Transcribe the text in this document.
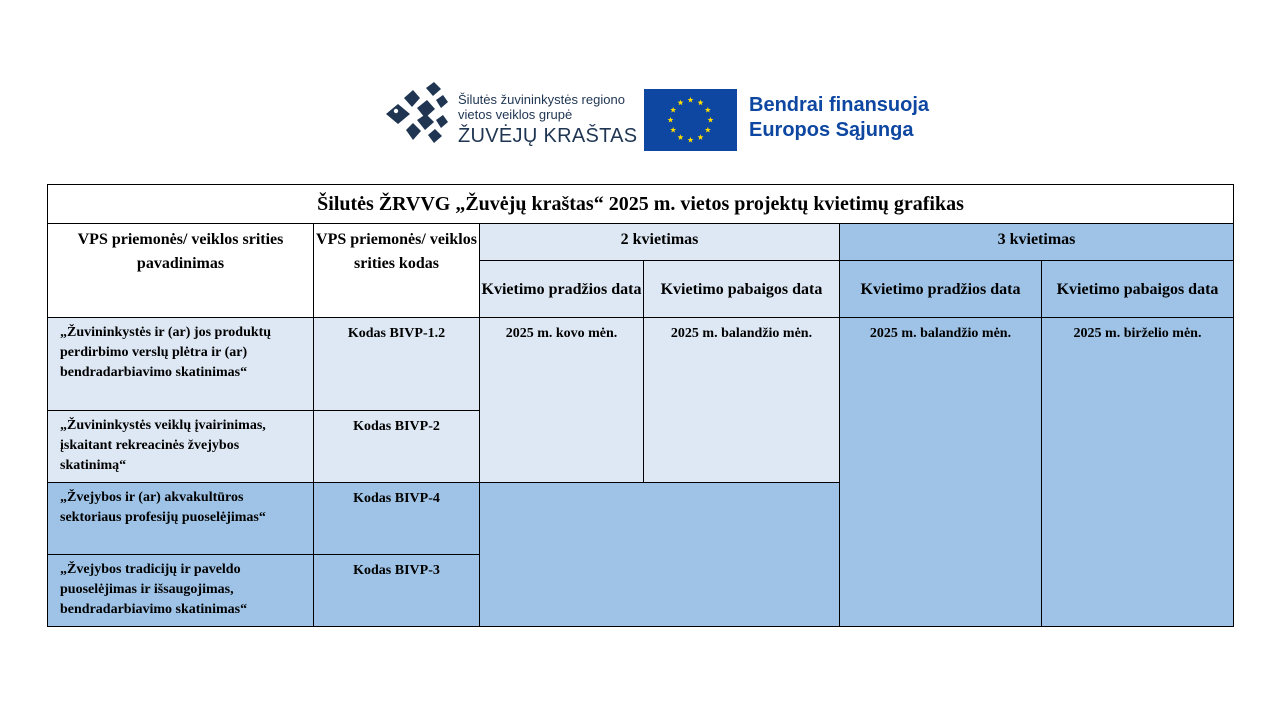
Šilutės žuvininkystės regiono
vietos veiklos grupė
ŽUVĖJŲ KRAŠTAS
Bendrai finansuoja
Europos Sąjunga
Šilutės ŽRVVG „Žuvėjų kraštas“ 2025 m. vietos projektų kvietimų grafikas					
VPS priemonės/ veiklos srities pavadinimas	VPS priemonės/ veiklos srities kodas	2 kvietimas		3 kvietimas	
		Kvietimo pradžios data	Kvietimo pabaigos data	Kvietimo pradžios data	Kvietimo pabaigos data
„Žuvininkystės ir (ar) jos produktų perdirbimo verslų plėtra ir (ar) bendradarbiavimo skatinimas“	Kodas BIVP-1.2	2025 m. kovo mėn.	2025 m. balandžio mėn.	2025 m. balandžio mėn.	2025 m. birželio mėn.
„Žuvininkystės veiklų įvairinimas, įskaitant rekreacinės žvejybos skatinimą“	Kodas BIVP-2				
„Žvejybos ir (ar) akvakultūros sektoriaus profesijų puoselėjimas“	Kodas BIVP-4				
„Žvejybos tradicijų ir paveldo puoselėjimas ir išsaugojimas, bendradarbiavimo skatinimas“	Kodas BIVP-3				
